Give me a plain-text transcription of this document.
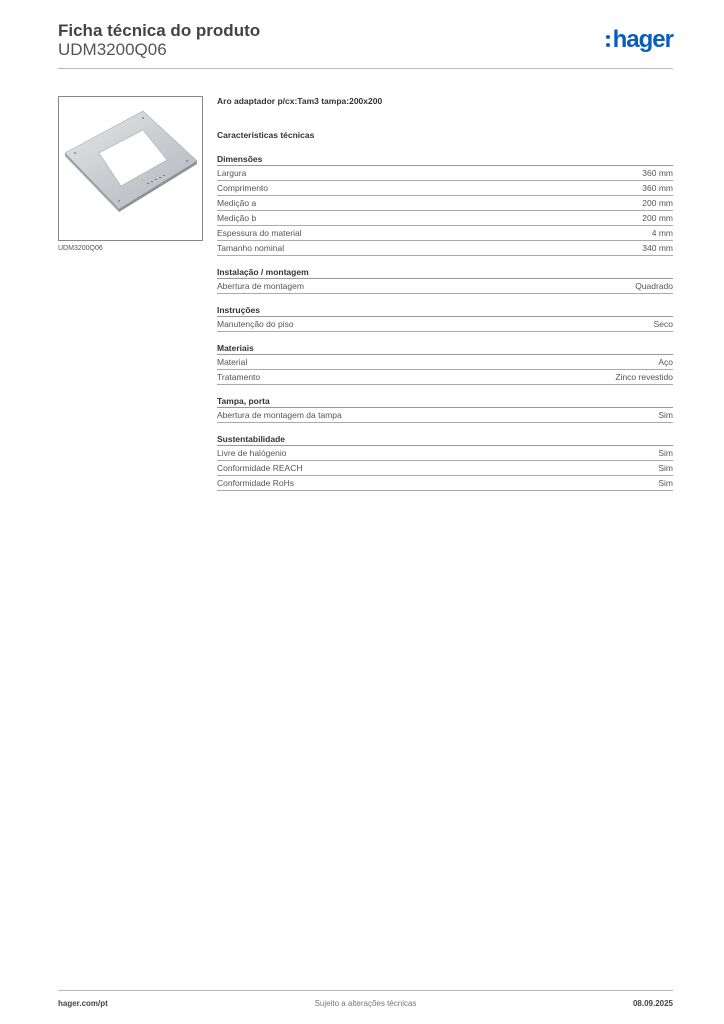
Ficha técnica do produto
UDM3200Q06	hager
UDM3200Q06
Aro adaptador p/cx:Tam3 tampa:200x200
Características técnicas
Dimensões
Largura	360 mm
Comprimento	360 mm
Medição a	200 mm
Medição b	200 mm
Espessura do material	4 mm
Tamanho nominal	340 mm
Instalação / montagem
Abertura de montagem	Quadrado
Instruções
Manutenção do piso	Seco
Materiais
Material	Aço
Tratamento	Zinco revestido
Tampa, porta
Abertura de montagem da tampa	Sim
Sustentabilidade
Livre de halógenio	Sim
Conformidade REACH	Sim
Conformidade RoHs	Sim
hager.com/pt	Sujeito a alterações técnicas	08.09.2025
